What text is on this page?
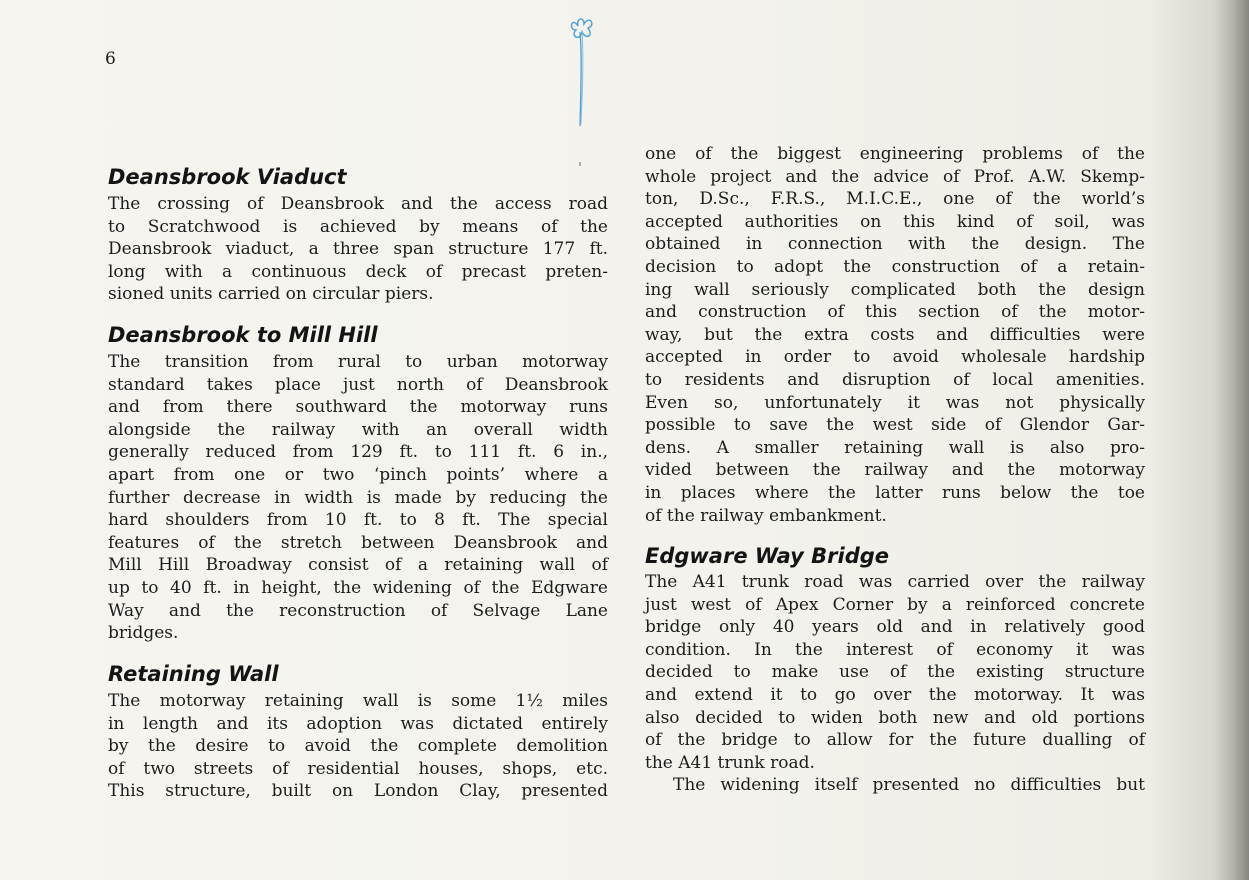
6
Deansbrook Viaduct
The crossing of Deansbrook and the access road
to Scratchwood is achieved by means of the
Deansbrook viaduct, a three span structure 177 ft.
long with a continuous deck of precast preten-
sioned units carried on circular piers.
Deansbrook to Mill Hill
The transition from rural to urban motorway
standard takes place just north of Deansbrook
and from there southward the motorway runs
alongside the railway with an overall width
generally reduced from 129 ft. to 111 ft. 6 in.,
apart from one or two ‘pinch points’ where a
further decrease in width is made by reducing the
hard shoulders from 10 ft. to 8 ft. The special
features of the stretch between Deansbrook and
Mill Hill Broadway consist of a retaining wall of
up to 40 ft. in height, the widening of the Edgware
Way and the reconstruction of Selvage Lane
bridges.
Retaining Wall
The motorway retaining wall is some 1½ miles
in length and its adoption was dictated entirely
by the desire to avoid the complete demolition
of two streets of residential houses, shops, etc.
This structure, built on London Clay, presented
one of the biggest engineering problems of the
whole project and the advice of Prof. A.W. Skemp-
ton, D.Sc., F.R.S., M.I.C.E., one of the world’s
accepted authorities on this kind of soil, was
obtained in connection with the design. The
decision to adopt the construction of a retain-
ing wall seriously complicated both the design
and construction of this section of the motor-
way, but the extra costs and difficulties were
accepted in order to avoid wholesale hardship
to residents and disruption of local amenities.
Even so, unfortunately it was not physically
possible to save the west side of Glendor Gar-
dens. A smaller retaining wall is also pro-
vided between the railway and the motorway
in places where the latter runs below the toe
of the railway embankment.
Edgware Way Bridge
The A41 trunk road was carried over the railway
just west of Apex Corner by a reinforced concrete
bridge only 40 years old and in relatively good
condition. In the interest of economy it was
decided to make use of the existing structure
and extend it to go over the motorway. It was
also decided to widen both new and old portions
of the bridge to allow for the future dualling of
the A41 trunk road.
The widening itself presented no difficulties but
